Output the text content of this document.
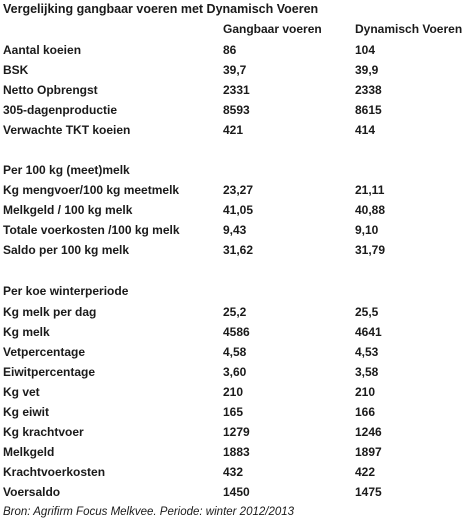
Vergelijking gangbaar voeren met Dynamisch Voeren
Gangbaar voeren	Dynamisch Voeren
Aantal koeien	86	104
BSK	39,7	39,9
Netto Opbrengst	2331	2338
305-dagenproductie	8593	8615
Verwachte TKT koeien	421	414
Per 100 kg (meet)melk
Kg mengvoer/100 kg meetmelk	23,27	21,11
Melkgeld / 100 kg melk	41,05	40,88
Totale voerkosten /100 kg melk	9,43	9,10
Saldo per 100 kg melk	31,62	31,79
Per koe winterperiode
Kg melk per dag	25,2	25,5
Kg melk	4586	4641
Vetpercentage	4,58	4,53
Eiwitpercentage	3,60	3,58
Kg vet	210	210
Kg eiwit	165	166
Kg krachtvoer	1279	1246
Melkgeld	1883	1897
Krachtvoerkosten	432	422
Voersaldo	1450	1475
Bron: Agrifirm Focus Melkvee. Periode: winter 2012/2013
